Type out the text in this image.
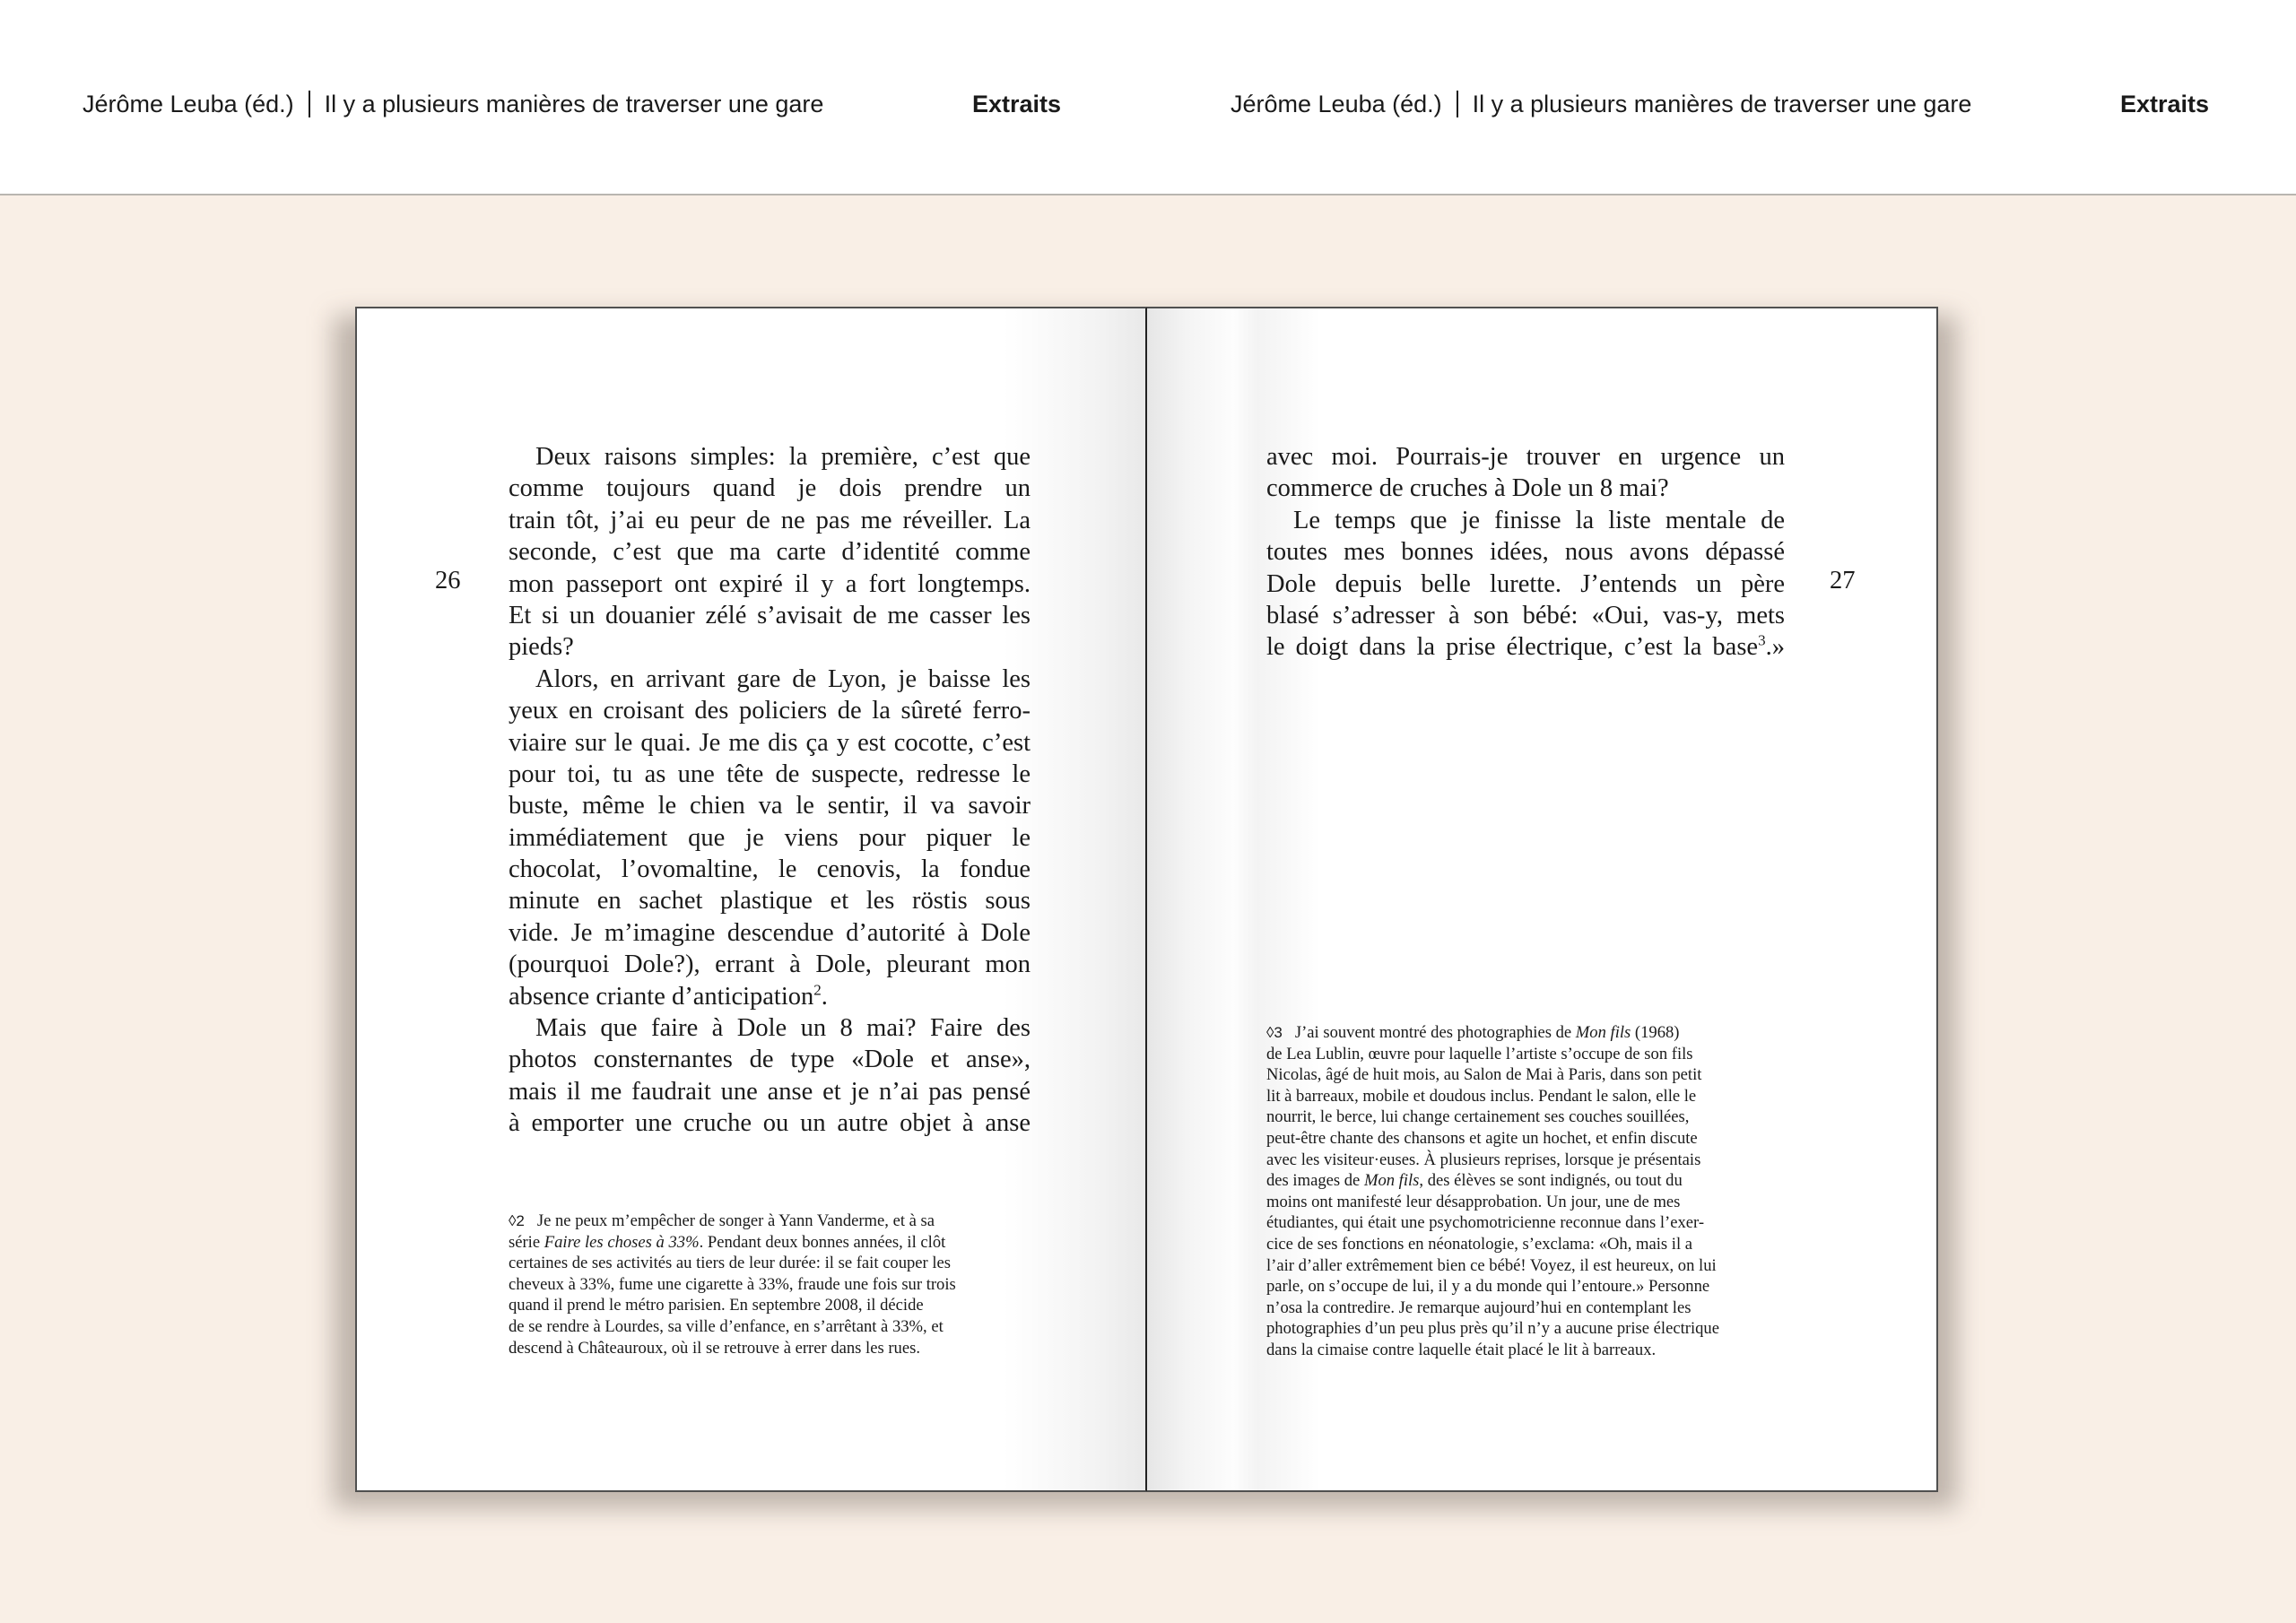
Jérôme Leuba (éd.) Il y a plusieurs manières de traverser une gare	Extraits	Jérôme Leuba (éd.) Il y a plusieurs manières de traverser une gare	Extraits
26
Deux raisons simples: la première, c’est que
comme toujours quand je dois prendre un
train tôt, j’ai eu peur de ne pas me réveiller. La
seconde, c’est que ma carte d’identité comme
mon passeport ont expiré il y a fort longtemps.
Et si un douanier zélé s’avisait de me casser les
pieds?
Alors, en arrivant gare de Lyon, je baisse les
yeux en croisant des policiers de la sûreté ferro-
viaire sur le quai. Je me dis ça y est cocotte, c’est
pour toi, tu as une tête de suspecte, redresse le
buste, même le chien va le sentir, il va savoir
immédiatement que je viens pour piquer le
chocolat, l’ovomaltine, le cenovis, la fondue
minute en sachet plastique et les röstis sous
vide. Je m’imagine descendue d’autorité à Dole
(pourquoi Dole?), errant à Dole, pleurant mon
absence criante d’anticipation$^2$.
Mais que faire à Dole un 8 mai? Faire des
photos consternantes de type «Dole et anse»,
mais il me faudrait une anse et je n’ai pas pensé
à emporter une cruche ou un autre objet à anse
◊2 Je ne peux m’empêcher de songer à Yann Vanderme, et à sa
série Faire les choses à 33%. Pendant deux bonnes années, il clôt
certaines de ses activités au tiers de leur durée: il se fait couper les
cheveux à 33%, fume une cigarette à 33%, fraude une fois sur trois
quand il prend le métro parisien. En septembre 2008, il décide
de se rendre à Lourdes, sa ville d’enfance, en s’arrêtant à 33%, et
descend à Châteauroux, où il se retrouve à errer dans les rues.
27
avec moi. Pourrais-je trouver en urgence un
commerce de cruches à Dole un 8 mai?
Le temps que je finisse la liste mentale de
toutes mes bonnes idées, nous avons dépassé
Dole depuis belle lurette. J’entends un père
blasé s’adresser à son bébé: «Oui, vas-y, mets
le doigt dans la prise électrique, c’est la base$^3$.»
◊3 J’ai souvent montré des photographies de Mon fils (1968)
de Lea Lublin, œuvre pour laquelle l’artiste s’occupe de son fils
Nicolas, âgé de huit mois, au Salon de Mai à Paris, dans son petit
lit à barreaux, mobile et doudous inclus. Pendant le salon, elle le
nourrit, le berce, lui change certainement ses couches souillées,
peut-être chante des chansons et agite un hochet, et enfin discute
avec les visiteur·euses. À plusieurs reprises, lorsque je présentais
des images de Mon fils, des élèves se sont indignés, ou tout du
moins ont manifesté leur désapprobation. Un jour, une de mes
étudiantes, qui était une psychomotricienne reconnue dans l’exer-
cice de ses fonctions en néonatologie, s’exclama: «Oh, mais il a
l’air d’aller extrêmement bien ce bébé! Voyez, il est heureux, on lui
parle, on s’occupe de lui, il y a du monde qui l’entoure.» Personne
n’osa la contredire. Je remarque aujourd’hui en contemplant les
photographies d’un peu plus près qu’il n’y a aucune prise électrique
dans la cimaise contre laquelle était placé le lit à barreaux.
